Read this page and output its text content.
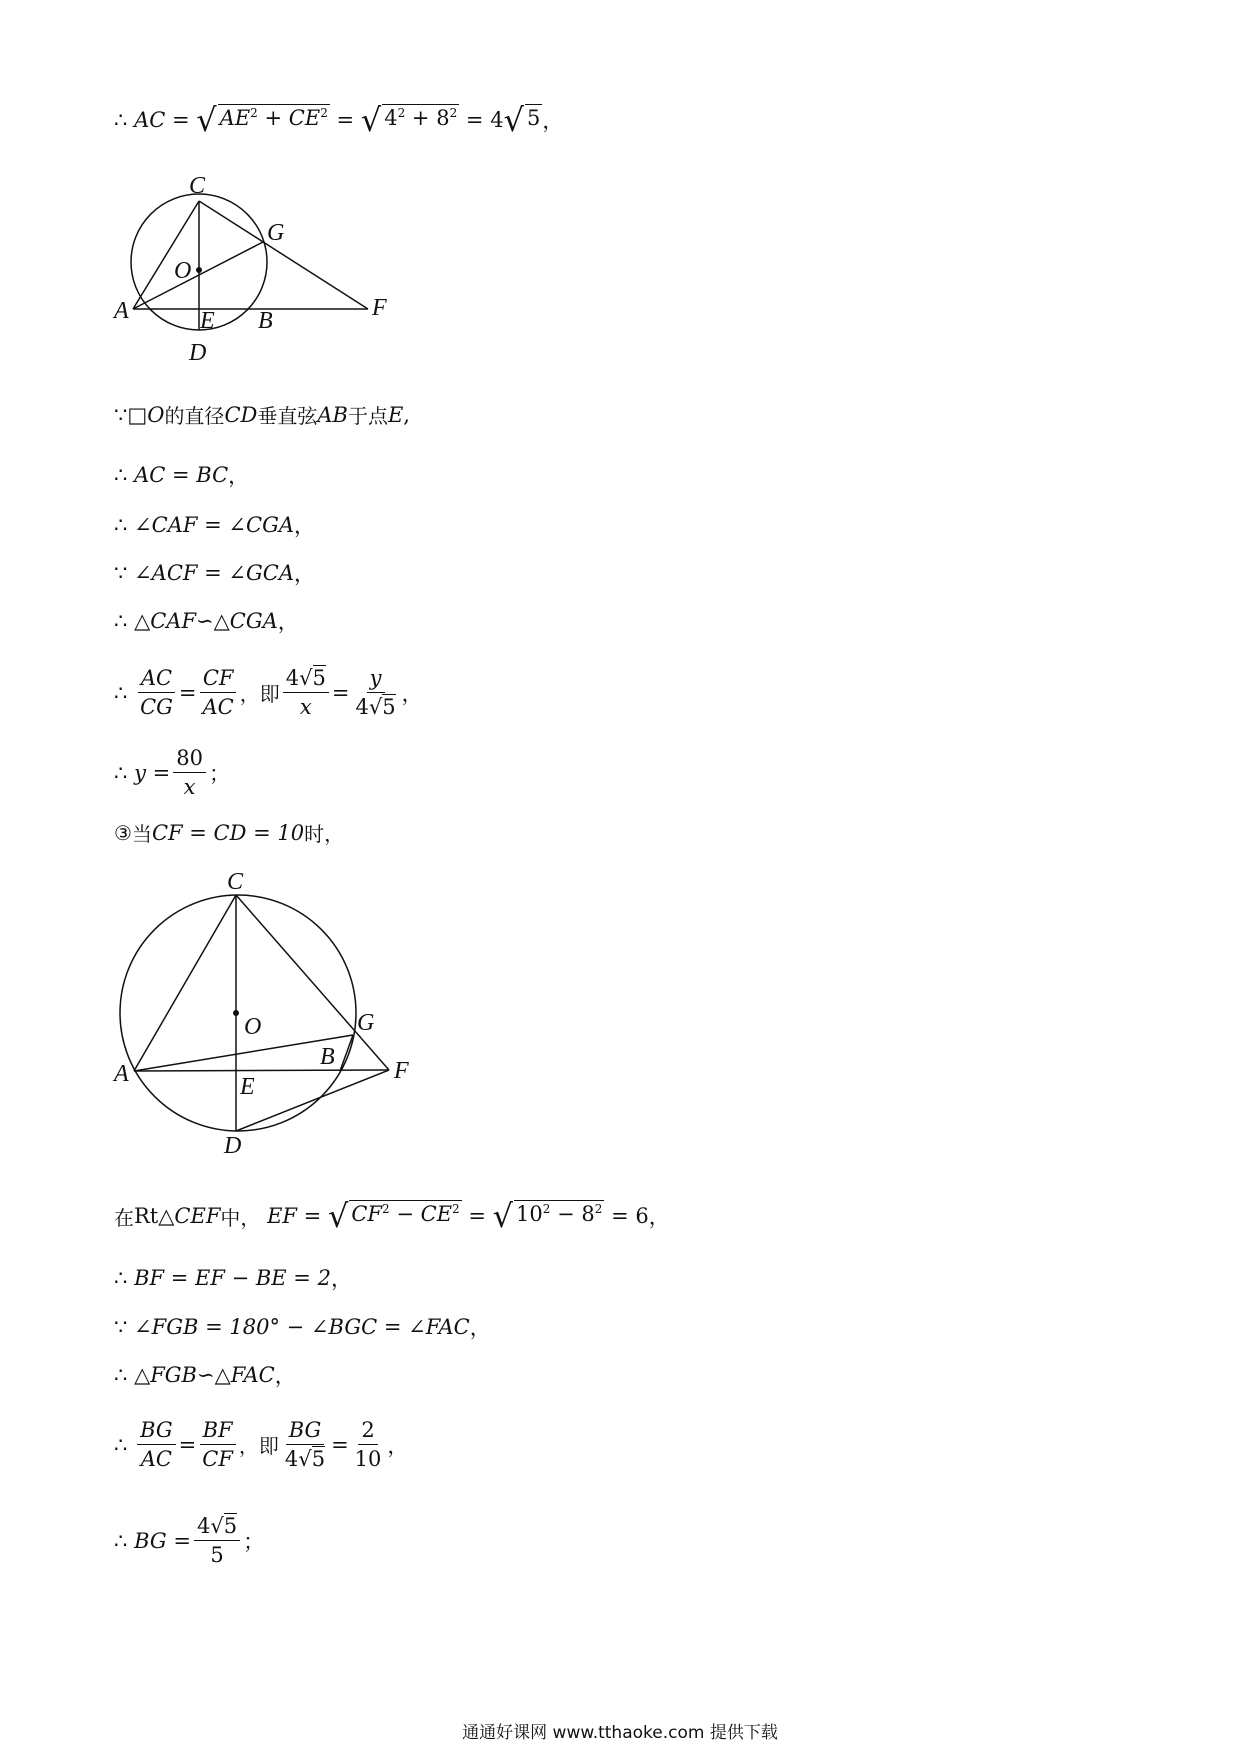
∴
AC
=
√ $AE^2 + CE^2$
=
√ $4^2 + 8^2$
=
4 √ 5 ，
C
G
O
A	E B	F
D
∵ □ O 的直径 CD 垂直弦 AB 于点 E ,
∴
AC = BC ，
∴
∠CAF = ∠CGA ，
∵
∠ACF = ∠GCA ，
∴
△CAF∽△CGA ，
∴
$\frac{AC}{CG} = \frac{CF}{AC}$ ，即 $\frac{4√5}{x} = \frac{y}{4√5}$ ，
∴
y
= $\frac{80}{x}$ ；
③ 当 CF = CD = 10 时，
C
O	G
B
A	E
F
D
在 Rt △CEF 中，
EF
=
√ $CF^2 - CE^2$
=
√ $10^2 - 8^2$
=
6 ，
∴
BF = EF − BE = 2 ，
∵
∠FGB = 180° − ∠BGC = ∠FAC ，
∴
△FGB∽△FAC ，
∴
$\frac{BG}{AC} = \frac{BF}{CF}$ ，即 $\frac{BG}{4√5} = \frac{2}{10}$ ，
∴
BG
= $\frac{4√5}{5}$ ；
通通好课网 www.tthaoke.com 提供下载
